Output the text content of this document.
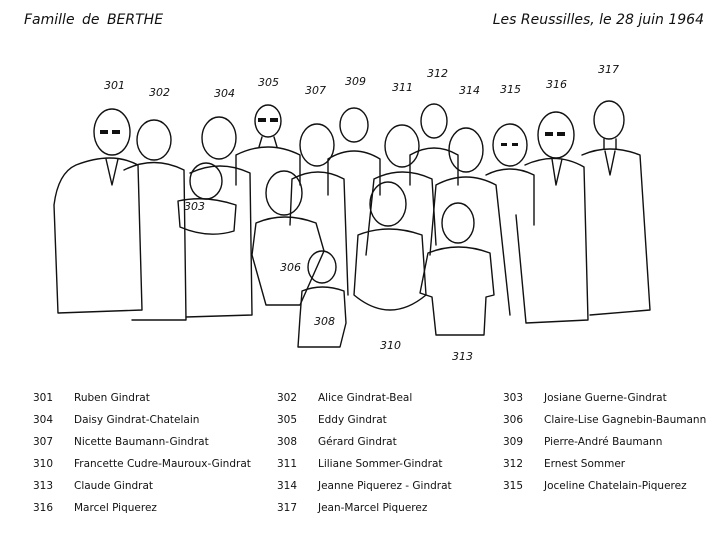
Famille de BERTHE	Les Reussilles, le 28 juin 1964
301
302
303
304
305
306
307
308
309
310
311
312
313
314 315 316
317
301 Ruben Gindrat	302 Alice Gindrat-Beal	303 Josiane Guerne-Gindrat
304 Daisy Gindrat-Chatelain	305 Eddy Gindrat	306 Claire-Lise Gagnebin-Baumann
307 Nicette Baumann-Gindrat	308 Gérard Gindrat	309 Pierre-André Baumann
310 Francette Cudre-Mauroux-Gindrat 311 Liliane Sommer-Gindrat	312 Ernest Sommer
313 Claude Gindrat	314 Jeanne Piquerez - Gindrat	315 Joceline Chatelain-Piquerez
316 Marcel Piquerez	317 Jean-Marcel Piquerez
